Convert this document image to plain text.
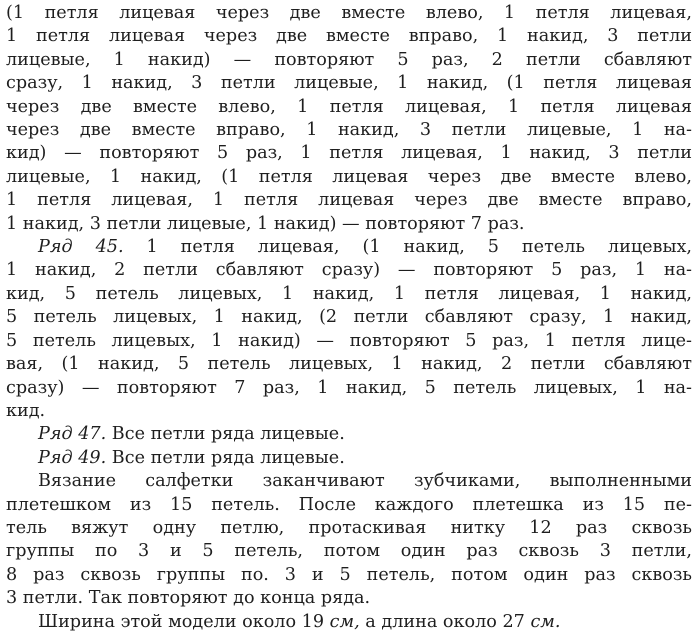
(1 петля лицевая через две вместе влево, 1 петля лицевая,
1 петля лицевая через две вместе вправо, 1 накид, 3 петли
лицевые, 1 накид) — повторяют 5 раз, 2 петли сбавляют
сразу, 1 накид, 3 петли лицевые, 1 накид, (1 петля лицевая
через две вместе влево, 1 петля лицевая, 1 петля лицевая
через две вместе вправо, 1 накид, 3 петли лицевые, 1 на-
кид) — повторяют 5 раз, 1 петля лицевая, 1 накид, 3 петли
лицевые, 1 накид, (1 петля лицевая через две вместе влево,
1 петля лицевая, 1 петля лицевая через две вместе вправо,
1 накид, 3 петли лицевые, 1 накид) — повторяют 7 раз.
Ряд 45. 1 петля лицевая, (1 накид, 5 петель лицевых,
1 накид, 2 петли сбавляют сразу) — повторяют 5 раз, 1 на-
кид, 5 петель лицевых, 1 накид, 1 петля лицевая, 1 накид,
5 петель лицевых, 1 накид, (2 петли сбавляют сразу, 1 накид,
5 петель лицевых, 1 накид) — повторяют 5 раз, 1 петля лице-
вая, (1 накид, 5 петель лицевых, 1 накид, 2 петли сбавляют
сразу) — повторяют 7 раз, 1 накид, 5 петель лицевых, 1 на-
кид.
Ряд 47. Все петли ряда лицевые.
Ряд 49. Все петли ряда лицевые.
Вязание салфетки заканчивают зубчиками, выполненными
плетешком из 15 петель. После каждого плетешка из 15 пе-
тель вяжут одну петлю, протаскивая нитку 12 раз сквозь
группы по 3 и 5 петель, потом один раз сквозь 3 петли,
8 раз сквозь группы по. 3 и 5 петель, потом один раз сквозь
3 петли. Так повторяют до конца ряда.
Ширина этой модели около 19 см, а длина около 27 см.
